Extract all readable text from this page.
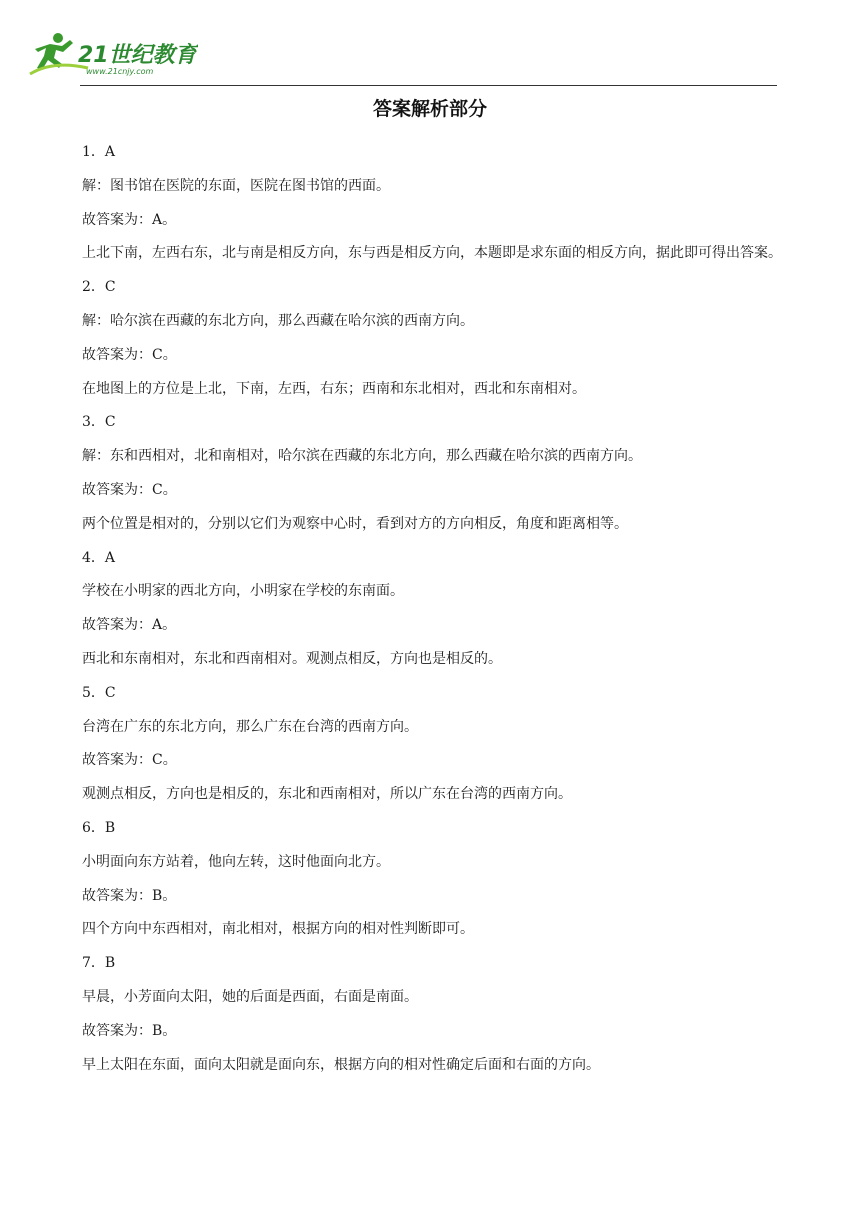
21世纪教育
www.21cnjy.com
答案解析部分
1．A
解：图书馆在医院的东面，医院在图书馆的西面。
故答案为：A。
上北下南，左西右东，北与南是相反方向，东与西是相反方向，本题即是求东面的相反方向，据此即可得出答案。
2．C
解：哈尔滨在西藏的东北方向，那么西藏在哈尔滨的西南方向。
故答案为：C。
在地图上的方位是上北，下南，左西，右东；西南和东北相对，西北和东南相对。
3．C
解：东和西相对，北和南相对，哈尔滨在西藏的东北方向，那么西藏在哈尔滨的西南方向。
故答案为：C。
两个位置是相对的，分别以它们为观察中心时，看到对方的方向相反，角度和距离相等。
4．A
学校在小明家的西北方向，小明家在学校的东南面。
故答案为：A。
西北和东南相对，东北和西南相对。观测点相反，方向也是相反的。
5．C
台湾在广东的东北方向，那么广东在台湾的西南方向。
故答案为：C。
观测点相反，方向也是相反的，东北和西南相对，所以广东在台湾的西南方向。
6．B
小明面向东方站着，他向左转，这时他面向北方。
故答案为：B。
四个方向中东西相对，南北相对，根据方向的相对性判断即可。
7．B
早晨，小芳面向太阳，她的后面是西面，右面是南面。
故答案为：B。
早上太阳在东面，面向太阳就是面向东，根据方向的相对性确定后面和右面的方向。
